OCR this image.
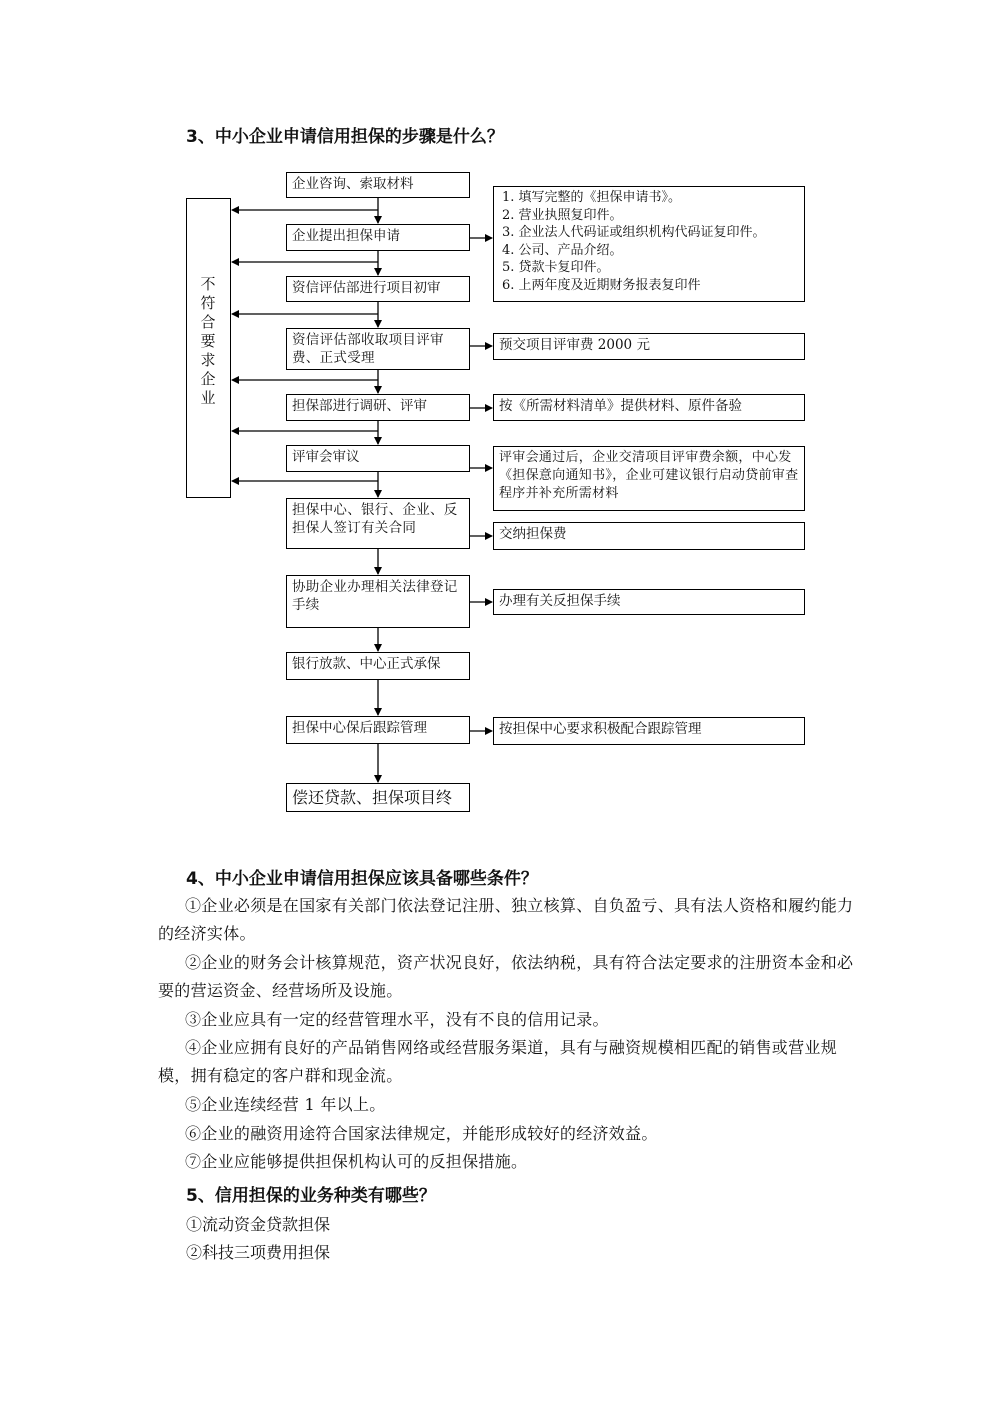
3、中小企业申请信用担保的步骤是什么？
不符合要求企业
企业咨询、索取材料
企业提出担保申请
资信评估部进行项目初审
资信评估部收取项目评审费、正式受理
担保部进行调研、评审
评审会审议
担保中心、银行、企业、反担保人签订有关合同
协助企业办理相关法律登记手续
银行放款、中心正式承保
担保中心保后跟踪管理
偿还贷款、担保项目终
1. 填写完整的《担保申请书》。
2. 营业执照复印件。
3. 企业法人代码证或组织机构代码证复印件。
4. 公司、产品介绍。
5. 贷款卡复印件。
6. 上两年度及近期财务报表复印件
预交项目评审费 2000 元
按《所需材料清单》提供材料、原件备验
评审会通过后，企业交清项目评审费余额，中心发《担保意向通知书》，企业可建议银行启动贷前审查程序并补充所需材料
交纳担保费
办理有关反担保手续
按担保中心要求积极配合跟踪管理
4、中小企业申请信用担保应该具备哪些条件？
①企业必须是在国家有关部门依法登记注册、独立核算、自负盈亏、具有法人资格和履约能力的经济实体。
②企业的财务会计核算规范，资产状况良好，依法纳税，具有符合法定要求的注册资本金和必要的营运资金、经营场所及设施。
③企业应具有一定的经营管理水平，没有不良的信用记录。
④企业应拥有良好的产品销售网络或经营服务渠道，具有与融资规模相匹配的销售或营业规模，拥有稳定的客户群和现金流。
⑤企业连续经营 1 年以上。
⑥企业的融资用途符合国家法律规定，并能形成较好的经济效益。
⑦企业应能够提供担保机构认可的反担保措施。
5、信用担保的业务种类有哪些？
①流动资金贷款担保
②科技三项费用担保
